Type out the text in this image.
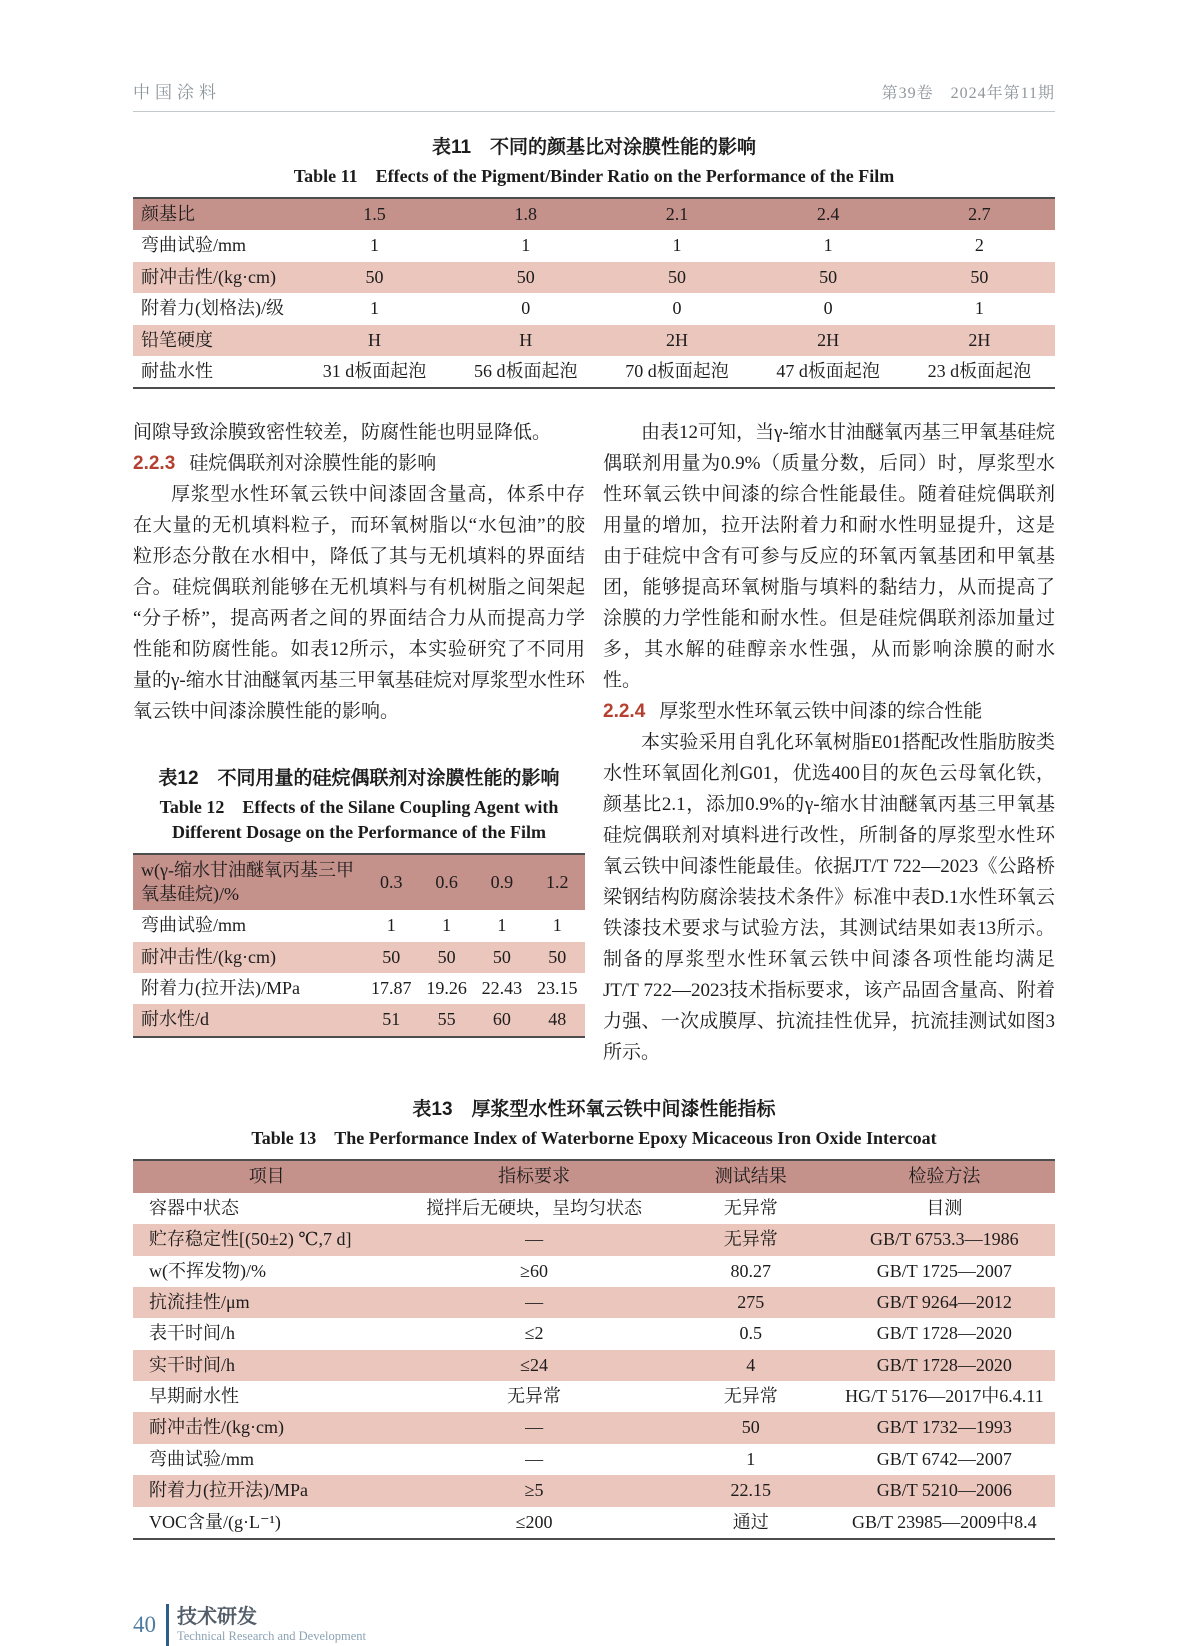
中国涂料	第39卷　2024年第11期
表11　不同的颜基比对涂膜性能的影响
Table 11　Effects of the Pigment/Binder Ratio on the Performance of the Film
颜基比	1.5	1.8	2.1	2.4	2.7
弯曲试验/mm	1	1	1	1	2
耐冲击性/(kg·cm)	50	50	50	50	50
附着力(划格法)/级	1	0	0	0	1
铅笔硬度	H	H	2H	2H	2H
耐盐水性	31 d板面起泡	56 d板面起泡	70 d板面起泡	47 d板面起泡	23 d板面起泡

间隙导致涂膜致密性较差，防腐性能也明显降低。

2.2.3 硅烷偶联剂对涂膜性能的影响

厚浆型水性环氧云铁中间漆固含量高，体系中存在大量的无机填料粒子，而环氧树脂以“水包油”的胶粒形态分散在水相中，降低了其与无机填料的界面结合。硅烷偶联剂能够在无机填料与有机树脂之间架起“分子桥”，提高两者之间的界面结合力从而提高力学性能和防腐性能。如表12所示，本实验研究了不同用量的γ-缩水甘油醚氧丙基三甲氧基硅烷对厚浆型水性环氧云铁中间漆涂膜性能的影响。

表12　不同用量的硅烷偶联剂对涂膜性能的影响
Table 12　Effects of the Silane Coupling Agent with
Different Dosage on the Performance of the Film
w(γ-缩水甘油醚氧丙基三甲氧基硅烷)/%	0.3	0.6	0.9	1.2
弯曲试验/mm	1	1	1	1
耐冲击性/(kg·cm)	50	50	50	50
附着力(拉开法)/MPa	17.87	19.26	22.43	23.15
耐水性/d	51	55	60	48

由表12可知，当γ-缩水甘油醚氧丙基三甲氧基硅烷偶联剂用量为0.9%（质量分数，后同）时，厚浆型水性环氧云铁中间漆的综合性能最佳。随着硅烷偶联剂用量的增加，拉开法附着力和耐水性明显提升，这是由于硅烷中含有可参与反应的环氧丙氧基团和甲氧基团，能够提高环氧树脂与填料的黏结力，从而提高了涂膜的力学性能和耐水性。但是硅烷偶联剂添加量过多，其水解的硅醇亲水性强，从而影响涂膜的耐水性。

2.2.4 厚浆型水性环氧云铁中间漆的综合性能

本实验采用自乳化环氧树脂E01搭配改性脂肪胺类水性环氧固化剂G01，优选400目的灰色云母氧化铁，颜基比2.1，添加0.9%的γ-缩水甘油醚氧丙基三甲氧基硅烷偶联剂对填料进行改性，所制备的厚浆型水性环氧云铁中间漆性能最佳。依据JT/T 722—2023《公路桥梁钢结构防腐涂装技术条件》标准中表D.1水性环氧云铁漆技术要求与试验方法，其测试结果如表13所示。制备的厚浆型水性环氧云铁中间漆各项性能均满足JT/T 722—2023技术指标要求，该产品固含量高、附着力强、一次成膜厚、抗流挂性优异，抗流挂测试如图3所示。

表13　厚浆型水性环氧云铁中间漆性能指标
Table 13　The Performance Index of Waterborne Epoxy Micaceous Iron Oxide Intercoat
项目	指标要求	测试结果	检验方法
容器中状态	搅拌后无硬块，呈均匀状态	无异常	目测
贮存稳定性[(50±2) ℃,7 d]	—	无异常	GB/T 6753.3—1986
w(不挥发物)/%	≥60	80.27	GB/T 1725—2007
抗流挂性/μm	—	275	GB/T 9264—2012
表干时间/h	≤2	0.5	GB/T 1728—2020
实干时间/h	≤24	4	GB/T 1728—2020
早期耐水性	无异常	无异常	HG/T 5176—2017中6.4.11
耐冲击性/(kg·cm)	—	50	GB/T 1732—1993
弯曲试验/mm	—	1	GB/T 6742—2007
附着力(拉开法)/MPa	≥5	22.15	GB/T 5210—2006
VOC含量/(g·L⁻¹)	≤200	通过	GB/T 23985—2009中8.4
40 技术研发
Technical Research and Development
